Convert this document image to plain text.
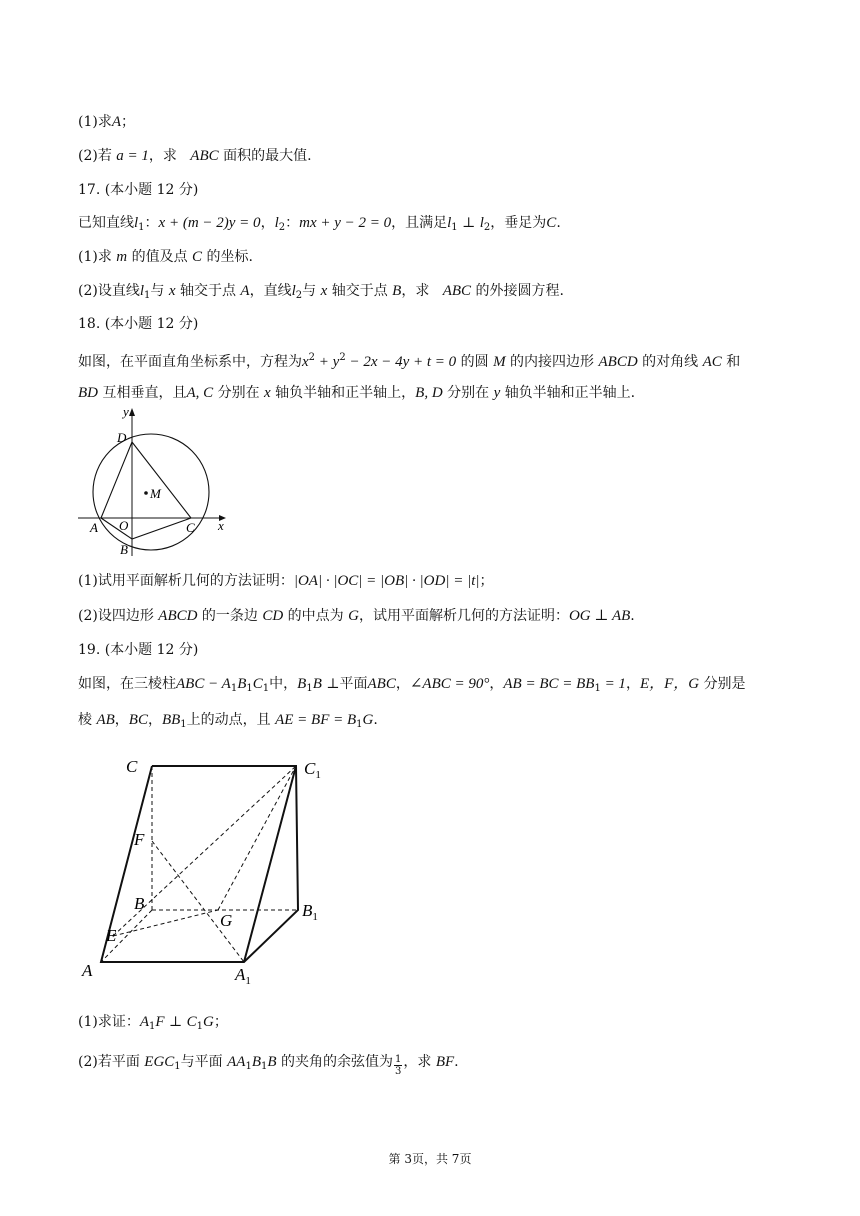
(1)求A；
(2)若 a = 1，求 ABC 面积的最大值.
17. (本小题 12 分)
已知直线$l_1$：x + (m − 2)y = 0，$l_2$：mx + y − 2 = 0，且满足$l_1$ ⊥ $l_2$，垂足为C.
(1)求 m 的值及点 C 的坐标.
(2)设直线$l_1$与 x 轴交于点 A，直线$l_2$与 x 轴交于点 B，求 ABC 的外接圆方程.
18. (本小题 12 分)
如图，在平面直角坐标系中，方程为$x^2 + y^2 - 2x - 4y + t = 0$ 的圆 M 的内接四边形 ABCD 的对角线 AC 和
BD 互相垂直，且A, C 分别在 x 轴负半轴和正半轴上，B, D 分别在 y 轴负半轴和正半轴上.
y
x
D
M
A O	C
B
(1)试用平面解析几何的方法证明：|OA| · |OC| = |OB| · |OD| = |t|；
(2)设四边形 ABCD 的一条边 CD 的中点为 G，试用平面解析几何的方法证明：OG ⊥ AB.
19. (本小题 12 分)
如图，在三棱柱ABC − $A_1B_1C_1$中，$B_1B$ ⊥平面ABC，∠ABC = 90°，AB = BC = $BB_1 = 1$，E，F，G 分别是
棱 AB，BC，$BB_1$上的动点，且 AE = BF = $B_1G$.
C	$C_1$
F
B
G
$B_1$
E
A	$A_1$
(1)求证：$A_1F$ ⊥ $C_1G$；
(2)若平面 $EGC_1$与平面 $AA_1B_1B$ 的夹角的余弦值为 $\frac{1}{3}$ ，求 BF.
第 3页，共 7页
